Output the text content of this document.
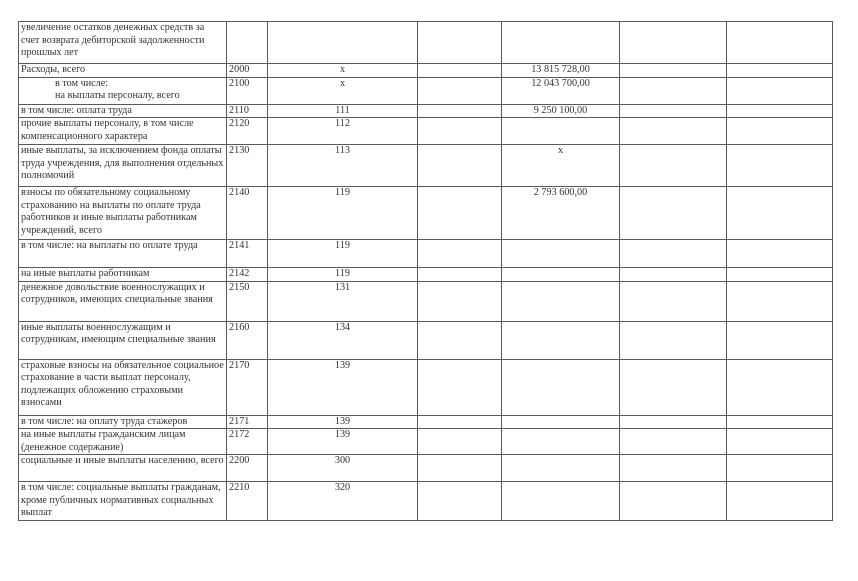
увеличение остатков денежных средств за счет возврата дебиторской задолженности прошлых лет						
Расходы, всего	2000	x		13 815 728,00		

в том числе:
на выплаты персоналу, всего	2100	x		12 043 700,00		
в том числе: оплата труда	2110	111		9 250 100,00		
прочие выплаты персоналу, в том числе компенсационного характера	2120	112				
иные выплаты, за исключением фонда оплаты труда учреждения, для выполнения отдельных полномочий	2130	113		x		
взносы по обязательному социальному страхованию на выплаты по оплате труда работников и иные выплаты работникам учреждений, всего	2140	119		2 793 600,00		
в том числе: на выплаты по оплате труда	2141	119				
на иные выплаты работникам	2142	119				
денежное довольствие военнослужащих и сотрудников, имеющих специальные звания	2150	131				
иные выплаты военнослужащим и сотрудникам, имеющим специальные звания	2160	134				
страховые взносы на обязательное социальное страхование в части выплат персоналу, подлежащих обложению страховыми взносами	2170	139				
в том числе: на оплату труда стажеров	2171	139				
на иные выплаты гражданским лицам (денежное содержание)	2172	139				
социальные и иные выплаты населению, всего	2200	300				
в том числе: социальные выплаты гражданам, кроме публичных нормативных социальных выплат	2210	320				
